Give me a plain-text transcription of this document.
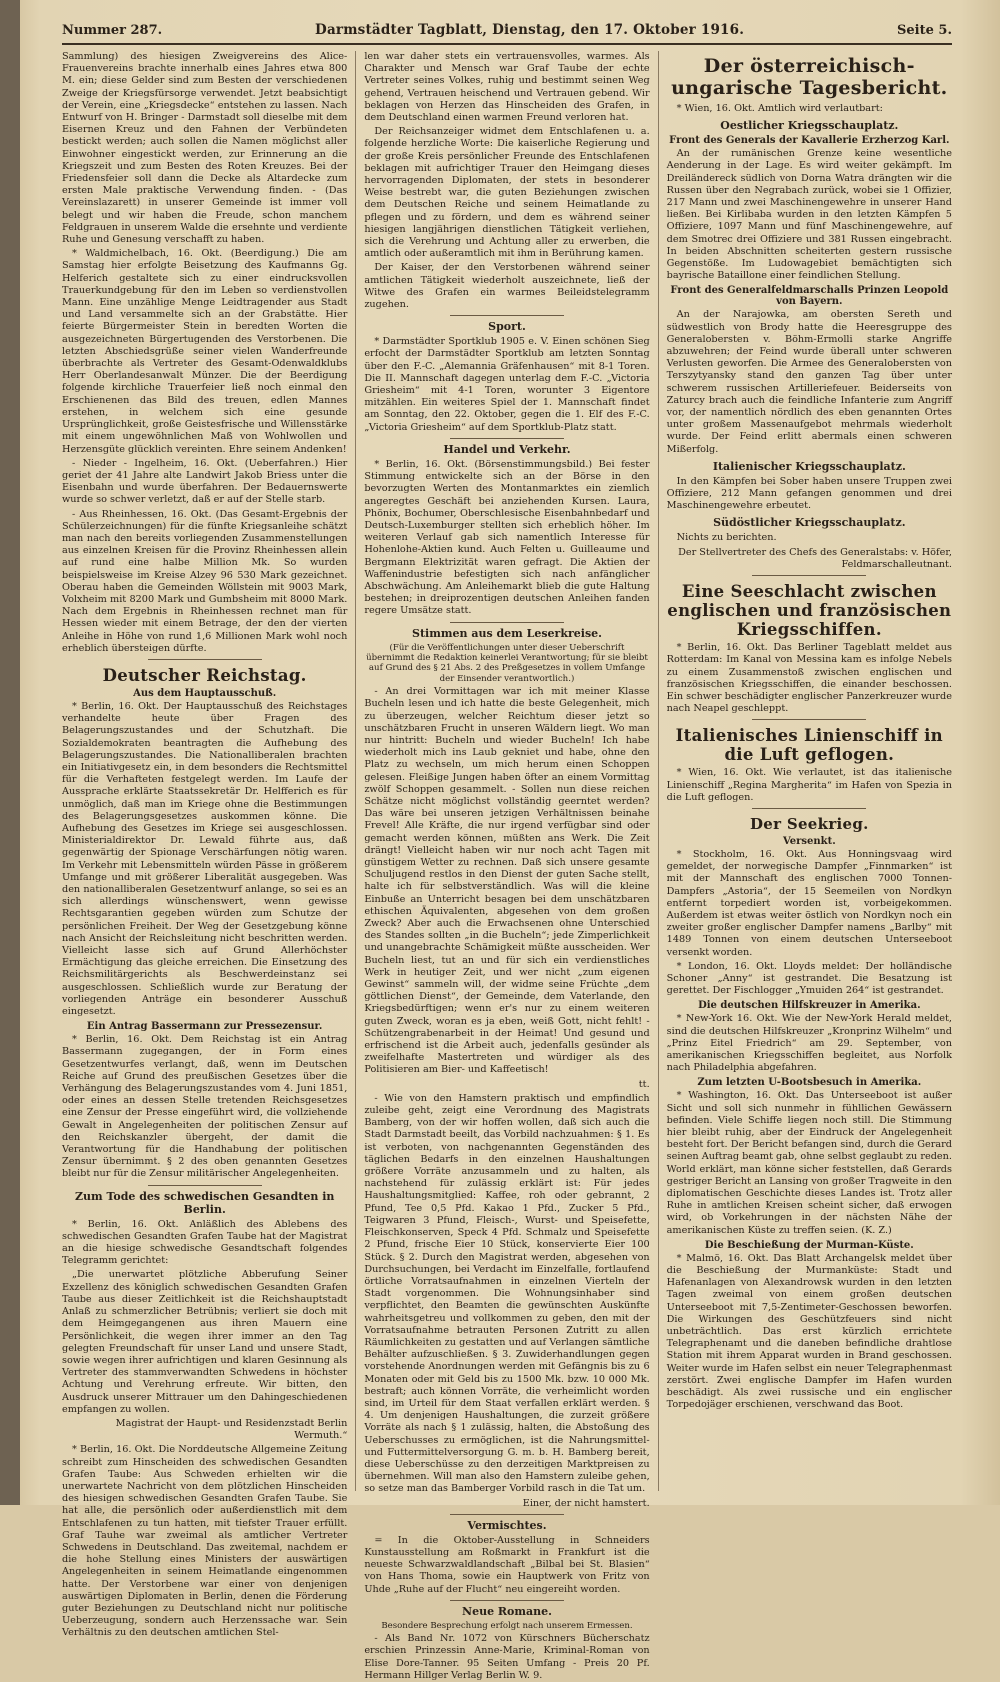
Nummer 287.	Darmstädter Tagblatt, Dienstag, den 17. Oktober 1916.	Seite 5.

Sammlung) des hiesigen Zweigvereins des Alice-Frauenvereins brachte innerhalb eines Jahres etwa 800 M. ein; diese Gelder sind zum Besten der verschiedenen Zweige der Kriegsfürsorge verwendet. Jetzt beabsichtigt der Verein, eine „Kriegsdecke“ entstehen zu lassen. Nach Entwurf von H. Bringer - Darmstadt soll dieselbe mit dem Eisernen Kreuz und den Fahnen der Verbündeten bestickt werden; auch sollen die Namen möglichst aller Einwohner eingestickt werden, zur Erinnerung an die Kriegszeit und zum Besten des Roten Kreuzes. Bei der Friedensfeier soll dann die Decke als Altardecke zum ersten Male praktische Verwendung finden. - (Das Vereinslazarett) in unserer Gemeinde ist immer voll belegt und wir haben die Freude, schon manchem Feldgrauen in unserem Walde die ersehnte und verdiente Ruhe und Genesung verschafft zu haben.

* Waldmichelbach, 16. Okt. (Beerdigung.) Die am Samstag hier erfolgte Beisetzung des Kaufmanns Gg. Helferich gestaltete sich zu einer eindrucksvollen Trauerkundgebung für den im Leben so verdienstvollen Mann. Eine unzählige Menge Leidtragender aus Stadt und Land versammelte sich an der Grabstätte. Hier feierte Bürgermeister Stein in beredten Worten die ausgezeichneten Bürgertugenden des Verstorbenen. Die letzten Abschiedsgrüße seiner vielen Wanderfreunde überbrachte als Vertreter des Gesamt-Odenwaldklubs Herr Oberlandesanwalt Münzer. Die der Beerdigung folgende kirchliche Trauerfeier ließ noch einmal den Erschienenen das Bild des treuen, edlen Mannes erstehen, in welchem sich eine gesunde Ursprünglichkeit, große Geistesfrische und Willensstärke mit einem ungewöhnlichen Maß von Wohlwollen und Herzensgüte glücklich vereinten. Ehre seinem Andenken!

- Nieder - Ingelheim, 16. Okt. (Ueberfahren.) Hier geriet der 41 Jahre alte Landwirt Jakob Briess unter die Eisenbahn und wurde überfahren. Der Bedauernswerte wurde so schwer verletzt, daß er auf der Stelle starb.

- Aus Rheinhessen, 16. Okt. (Das Gesamt-Ergebnis der Schülerzeichnungen) für die fünfte Kriegsanleihe schätzt man nach den bereits vorliegenden Zusammenstellungen aus einzelnen Kreisen für die Provinz Rheinhessen allein auf rund eine halbe Million Mk. So wurden beispielsweise im Kreise Alzey 96 530 Mark gezeichnet. Oberau haben die Gemeinden Wöllstein mit 9003 Mark, Volxheim mit 8200 Mark und Gumbsheim mit 8000 Mark. Nach dem Ergebnis in Rheinhessen rechnet man für Hessen wieder mit einem Betrage, der den der vierten Anleihe in Höhe von rund 1,6 Millionen Mark wohl noch erheblich übersteigen dürfte.

Deutscher Reichstag.
Aus dem Hauptausschuß.

* Berlin, 16. Okt. Der Hauptausschuß des Reichstages verhandelte heute über Fragen des Belagerungszustandes und der Schutzhaft. Die Sozialdemokraten beantragten die Aufhebung des Belagerungszustandes. Die Nationalliberalen brachten ein Initiativgesetz ein, in dem besonders die Rechtsmittel für die Verhafteten festgelegt werden. Im Laufe der Aussprache erklärte Staatssekretär Dr. Helfferich es für unmöglich, daß man im Kriege ohne die Bestimmungen des Belagerungsgesetzes auskommen könne. Die Aufhebung des Gesetzes im Kriege sei ausgeschlossen. Ministerialdirektor Dr. Lewald führte aus, daß gegenwärtig der Spionage Verschärfungen nötig waren. Im Verkehr mit Lebensmitteln würden Pässe in größerem Umfange und mit größerer Liberalität ausgegeben. Was den nationalliberalen Gesetzentwurf anlange, so sei es an sich allerdings wünschenswert, wenn gewisse Rechtsgarantien gegeben würden zum Schutze der persönlichen Freiheit. Der Weg der Gesetzgebung könne nach Ansicht der Reichsleitung nicht beschritten werden. Vielleicht lasse sich auf Grund Allerhöchster Ermächtigung das gleiche erreichen. Die Einsetzung des Reichsmilitärgerichts als Beschwerdeinstanz sei ausgeschlossen. Schließlich wurde zur Beratung der vorliegenden Anträge ein besonderer Ausschuß eingesetzt.

Ein Antrag Bassermann zur Pressezensur.

* Berlin, 16. Okt. Dem Reichstag ist ein Antrag Bassermann zugegangen, der in Form eines Gesetzentwurfes verlangt, daß, wenn im Deutschen Reiche auf Grund des preußischen Gesetzes über die Verhängung des Belagerungszustandes vom 4. Juni 1851, oder eines an dessen Stelle tretenden Reichsgesetzes eine Zensur der Presse eingeführt wird, die vollziehende Gewalt in Angelegenheiten der politischen Zensur auf den Reichskanzler übergeht, der damit die Verantwortung für die Handhabung der politischen Zensur übernimmt. § 2 des oben genannten Gesetzes bleibt nur für die Zensur militärischer Angelegenheiten.

Zum Tode des schwedischen Gesandten in Berlin.

* Berlin, 16. Okt. Anläßlich des Ablebens des schwedischen Gesandten Grafen Taube hat der Magistrat an die hiesige schwedische Gesandtschaft folgendes Telegramm gerichtet:

„Die unerwartet plötzliche Abberufung Seiner Exzellenz des königlich schwedischen Gesandten Grafen Taube aus dieser Zeitlichkeit ist die Reichshauptstadt Anlaß zu schmerzlicher Betrübnis; verliert sie doch mit dem Heimgegangenen aus ihren Mauern eine Persönlichkeit, die wegen ihrer immer an den Tag gelegten Freundschaft für unser Land und unsere Stadt, sowie wegen ihrer aufrichtigen und klaren Gesinnung als Vertreter des stammverwandten Schwedens in höchster Achtung und Verehrung erfreute. Wir bitten, den Ausdruck unserer Mittrauer um den Dahingeschiedenen empfangen zu wollen.

Magistrat der Haupt- und Residenzstadt Berlin Wermuth.“

* Berlin, 16. Okt. Die Norddeutsche Allgemeine Zeitung schreibt zum Hinscheiden des schwedischen Gesandten Grafen Taube: Aus Schweden erhielten wir die unerwartete Nachricht von dem plötzlichen Hinscheiden des hiesigen schwedischen Gesandten Grafen Taube. Sie hat alle, die persönlich oder außerdienstlich mit dem Entschlafenen zu tun hatten, mit tiefster Trauer erfüllt. Graf Tauhe war zweimal als amtlicher Vertreter Schwedens in Deutschland. Das zweitemal, nachdem er die hohe Stellung eines Ministers der auswärtigen Angelegenheiten in seinem Heimatlande eingenommen hatte. Der Verstorbene war einer von denjenigen auswärtigen Diplomaten in Berlin, denen die Förderung guter Beziehungen zu Deutschland nicht nur politische Ueberzeugung, sondern auch Herzenssache war. Sein Verhältnis zu den deutschen amtlichen Stel-

len war daher stets ein vertrauensvolles, warmes. Als Charakter und Mensch war Graf Taube der echte Vertreter seines Volkes, ruhig und bestimmt seinen Weg gehend, Vertrauen heischend und Vertrauen gebend. Wir beklagen von Herzen das Hinscheiden des Grafen, in dem Deutschland einen warmen Freund verloren hat.

Der Reichsanzeiger widmet dem Entschlafenen u. a. folgende herzliche Worte: Die kaiserliche Regierung und der große Kreis persönlicher Freunde des Entschlafenen beklagen mit aufrichtiger Trauer den Heimgang dieses hervorragenden Diplomaten, der stets in besonderer Weise bestrebt war, die guten Beziehungen zwischen dem Deutschen Reiche und seinem Heimatlande zu pflegen und zu fördern, und dem es während seiner hiesigen langjährigen dienstlichen Tätigkeit verliehen, sich die Verehrung und Achtung aller zu erwerben, die amtlich oder außeramtlich mit ihm in Berührung kamen.

Der Kaiser, der den Verstorbenen während seiner amtlichen Tätigkeit wiederholt auszeichnete, ließ der Witwe des Grafen ein warmes Beileidstelegramm zugehen.

Sport.

* Darmstädter Sportklub 1905 e. V. Einen schönen Sieg erfocht der Darmstädter Sportklub am letzten Sonntag über den F.-C. „Alemannia Gräfenhausen“ mit 8-1 Toren. Die II. Mannschaft dagegen unterlag dem F.-C. „Victoria Griesheim“ mit 4-1 Toren, worunter 3 Eigentore mitzählen. Ein weiteres Spiel der 1. Mannschaft findet am Sonntag, den 22. Oktober, gegen die 1. Elf des F.-C. „Victoria Griesheim“ auf dem Sportklub-Platz statt.

Handel und Verkehr.

* Berlin, 16. Okt. (Börsenstimmungsbild.) Bei fester Stimmung entwickelte sich an der Börse in den bevorzugten Werten des Montanmarktes ein ziemlich angeregtes Geschäft bei anziehenden Kursen. Laura, Phönix, Bochumer, Oberschlesische Eisenbahnbedarf und Deutsch-Luxemburger stellten sich erheblich höher. Im weiteren Verlauf gab sich namentlich Interesse für Hohenlohe-Aktien kund. Auch Felten u. Guilleaume und Bergmann Elektrizität waren gefragt. Die Aktien der Waffenindustrie befestigten sich nach anfänglicher Abschwächung. Am Anleihemarkt blieb die gute Haltung bestehen; in dreiprozentigen deutschen Anleihen fanden regere Umsätze statt.

Stimmen aus dem Leserkreise.

(Für die Veröffentlichungen unter dieser Ueberschrift übernimmt die Redaktion keinerlei Verantwortung; für sie bleibt auf Grund des § 21 Abs. 2 des Preßgesetzes in vollem Umfange der Einsender verantwortlich.)

- An drei Vormittagen war ich mit meiner Klasse Bucheln lesen und ich hatte die beste Gelegenheit, mich zu überzeugen, welcher Reichtum dieser jetzt so unschätzbaren Frucht in unseren Wäldern liegt. Wo man nur hintritt: Bucheln und wieder Bucheln! Ich habe wiederholt mich ins Laub gekniet und habe, ohne den Platz zu wechseln, um mich herum einen Schoppen gelesen. Fleißige Jungen haben öfter an einem Vormittag zwölf Schoppen gesammelt. - Sollen nun diese reichen Schätze nicht möglichst vollständig geerntet werden? Das wäre bei unseren jetzigen Verhältnissen beinahe Frevel! Alle Kräfte, die nur irgend verfügbar sind oder gemacht werden können, müßten ans Werk. Die Zeit drängt! Vielleicht haben wir nur noch acht Tagen mit günstigem Wetter zu rechnen. Daß sich unsere gesamte Schuljugend restlos in den Dienst der guten Sache stellt, halte ich für selbstverständlich. Was will die kleine Einbuße an Unterricht besagen bei dem unschätzbaren ethischen Äquivalenten, abgesehen von dem großen Zweck? Aber auch die Erwachsenen ohne Unterschied des Standes sollten „in die Bucheln“; jede Zimperlichkeit und unangebrachte Schämigkeit müßte ausscheiden. Wer Bucheln liest, tut an und für sich ein verdienstliches Werk in heutiger Zeit, und wer nicht „zum eigenen Gewinst“ sammeln will, der widme seine Früchte „dem göttlichen Dienst“, der Gemeinde, dem Vaterlande, den Kriegsbedürftigen; wenn er's nur zu einem weiteren guten Zweck, woran es ja eben, weiß Gott, nicht fehlt! - Schützengrabenarbeit in der Heimat! Und gesund und erfrischend ist die Arbeit auch, jedenfalls gesünder als zweifelhafte Mastertreten und würdiger als des Politisieren am Bier- und Kaffeetisch!

tt.

- Wie von den Hamstern praktisch und empfindlich zuleibe geht, zeigt eine Verordnung des Magistrats Bamberg, von der wir hoffen wollen, daß sich auch die Stadt Darmstadt beeilt, das Vorbild nachzuahmen: § 1. Es ist verboten, von nachgenannten Gegenständen des täglichen Bedarfs in den einzelnen Haushaltungen größere Vorräte anzusammeln und zu halten, als nachstehend für zulässig erklärt ist: Für jedes Haushaltungsmitglied: Kaffee, roh oder gebrannt, 2 Pfund, Tee 0,5 Pfd. Kakao 1 Pfd., Zucker 5 Pfd., Teigwaren 3 Pfund, Fleisch-, Wurst- und Speisefette, Fleischkonserven, Speck 4 Pfd. Schmalz und Speisefette 2 Pfund, frische Eier 10 Stück, konservierte Eier 100 Stück. § 2. Durch den Magistrat werden, abgesehen von Durchsuchungen, bei Verdacht im Einzelfalle, fortlaufend örtliche Vorratsaufnahmen in einzelnen Vierteln der Stadt vorgenommen. Die Wohnungsinhaber sind verpflichtet, den Beamten die gewünschten Auskünfte wahrheitsgetreu und vollkommen zu geben, den mit der Vorratsaufnahme betrauten Personen Zutritt zu allen Räumlichkeiten zu gestatten und auf Verlangen sämtliche Behälter aufzuschließen. § 3. Zuwiderhandlungen gegen vorstehende Anordnungen werden mit Gefängnis bis zu 6 Monaten oder mit Geld bis zu 1500 Mk. bzw. 10 000 Mk. bestraft; auch können Vorräte, die verheimlicht worden sind, im Urteil für dem Staat verfallen erklärt werden. § 4. Um denjenigen Haushaltungen, die zurzeit größere Vorräte als nach § 1 zulässig, halten, die Abstoßung des Ueberschusses zu ermöglichen, ist die Nahrungsmittel- und Futtermittelversorgung G. m. b. H. Bamberg bereit, diese Ueberschüsse zu den derzeitigen Marktpreisen zu übernehmen. Will man also den Hamstern zuleibe gehen, so setze man das Bamberger Vorbild rasch in die Tat um.

Einer, der nicht hamstert.

Vermischtes.

= In die Oktober-Ausstellung in Schneiders Kunstausstellung am Roßmarkt in Frankfurt ist die neueste Schwarzwaldlandschaft „Bilbal bei St. Blasien“ von Hans Thoma, sowie ein Hauptwerk von Fritz von Uhde „Ruhe auf der Flucht“ neu eingereiht worden.

Neue Romane.

Besondere Besprechung erfolgt nach unserem Ermessen.

- Als Band Nr. 1072 von Kürschners Bücherschatz erschien Prinzessin Anne-Marie, Kriminal-Roman von Elise Dore-Tanner. 95 Seiten Umfang - Preis 20 Pf. Hermann Hillger Verlag Berlin W. 9.

Der österreichisch-ungarische Tagesbericht.

* Wien, 16. Okt. Amtlich wird verlautbart:

Oestlicher Kriegsschauplatz.
Front des Generals der Kavallerie Erzherzog Karl.

An der rumänischen Grenze keine wesentliche Aenderung in der Lage. Es wird weiter gekämpft. Im Dreiländereck südlich von Dorna Watra drängten wir die Russen über den Negrabach zurück, wobei sie 1 Offizier, 217 Mann und zwei Maschinengewehre in unserer Hand ließen. Bei Kirlibaba wurden in den letzten Kämpfen 5 Offiziere, 1097 Mann und fünf Maschinengewehre, auf dem Smotrec drei Offiziere und 381 Russen eingebracht. In beiden Abschnitten scheiterten gestern russische Gegenstöße. Im Ludowagebiet bemächtigten sich bayrische Bataillone einer feindlichen Stellung.

Front des Generalfeldmarschalls Prinzen Leopold von Bayern.

An der Narajowka, am obersten Sereth und südwestlich von Brody hatte die Heeresgruppe des Generalobersten v. Böhm-Ermolli starke Angriffe abzuwehren; der Feind wurde überall unter schweren Verlusten geworfen. Die Armee des Generalobersten von Terszytyansky stand den ganzen Tag über unter schwerem russischen Artilleriefeuer. Beiderseits von Zaturcy brach auch die feindliche Infanterie zum Angriff vor, der namentlich nördlich des eben genannten Ortes unter großem Massenaufgebot mehrmals wiederholt wurde. Der Feind erlitt abermals einen schweren Mißerfolg.

Italienischer Kriegsschauplatz.

In den Kämpfen bei Sober haben unsere Truppen zwei Offiziere, 212 Mann gefangen genommen und drei Maschinengewehre erbeutet.

Südöstlicher Kriegsschauplatz.

Nichts zu berichten.

Der Stellvertreter des Chefs des Generalstabs: v. Höfer, Feldmarschalleutnant.

Eine Seeschlacht zwischen englischen und französischen Kriegsschiffen.

* Berlin, 16. Okt. Das Berliner Tageblatt meldet aus Rotterdam: Im Kanal von Messina kam es infolge Nebels zu einem Zusammenstoß zwischen englischen und französischen Kriegsschiffen, die einander beschossen. Ein schwer beschädigter englischer Panzerkreuzer wurde nach Neapel geschleppt.

Italienisches Linienschiff in die Luft geflogen.

* Wien, 16. Okt. Wie verlautet, ist das italienische Linienschiff „Regina Margherita“ im Hafen von Spezia in die Luft geflogen.

Der Seekrieg.
Versenkt.

* Stockholm, 16. Okt. Aus Honningsvaag wird gemeldet, der norwegische Dampfer „Finnmarken“ ist mit der Mannschaft des englischen 7000 Tonnen-Dampfers „Astoria“, der 15 Seemeilen von Nordkyn entfernt torpediert worden ist, vorbeigekommen. Außerdem ist etwas weiter östlich von Nordkyn noch ein zweiter großer englischer Dampfer namens „Barlby“ mit 1489 Tonnen von einem deutschen Unterseeboot versenkt worden.

* London, 16. Okt. Lloyds meldet: Der holländische Schoner „Anny“ ist gestrandet. Die Besatzung ist gerettet. Der Fischlogger „Ymuiden 264“ ist gestrandet.

Die deutschen Hilfskreuzer in Amerika.

* New-York 16. Okt. Wie der New-York Herald meldet, sind die deutschen Hilfskreuzer „Kronprinz Wilhelm“ und „Prinz Eitel Friedrich“ am 29. September, von amerikanischen Kriegsschiffen begleitet, aus Norfolk nach Philadelphia abgefahren.

Zum letzten U-Bootsbesuch in Amerika.

* Washington, 16. Okt. Das Unterseeboot ist außer Sicht und soll sich nunmehr in fühllichen Gewässern befinden. Viele Schiffe liegen noch still. Die Stimmung hier bleibt ruhig, aber der Eindruck der Angelegenheit besteht fort. Der Bericht befangen sind, durch die Gerard seinen Auftrag beamt gab, ohne selbst geglaubt zu reden. World erklärt, man könne sicher feststellen, daß Gerards gestriger Bericht an Lansing von großer Tragweite in den diplomatischen Geschichte dieses Landes ist. Trotz aller Ruhe in amtlichen Kreisen scheint sicher, daß erwogen wird, ob Vorkehrungen in der nächsten Nähe der amerikanischen Küste zu treffen seien. (K. Z.)

Die Beschießung der Murman-Küste.

* Malmö, 16. Okt. Das Blatt Archangelsk meldet über die Beschießung der Murmanküste: Stadt und Hafenanlagen von Alexandrowsk wurden in den letzten Tagen zweimal von einem großen deutschen Unterseeboot mit 7,5-Zentimeter-Geschossen beworfen. Die Wirkungen des Geschützfeuers sind nicht unbeträchtlich. Das erst kürzlich errichtete Telegraphenamt und die daneben befindliche drahtlose Station mit ihrem Apparat wurden in Brand geschossen. Weiter wurde im Hafen selbst ein neuer Telegraphenmast zerstört. Zwei englische Dampfer im Hafen wurden beschädigt. Als zwei russische und ein englischer Torpedojäger erschienen, verschwand das Boot.
